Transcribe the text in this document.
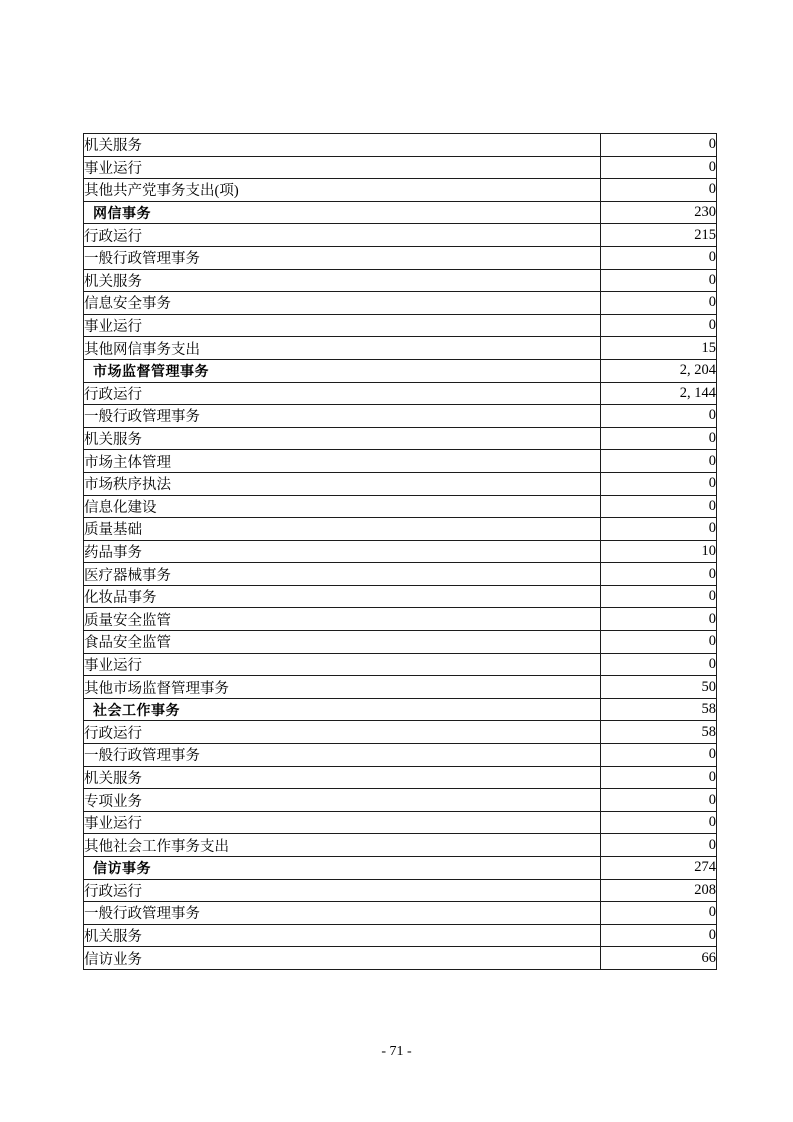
机关服务	0
事业运行	0
其他共产党事务支出(项)	0
网信事务	230
行政运行	215
一般行政管理事务	0
机关服务	0
信息安全事务	0
事业运行	0
其他网信事务支出	15
市场监督管理事务	2, 204
行政运行	2, 144
一般行政管理事务	0
机关服务	0
市场主体管理	0
市场秩序执法	0
信息化建设	0
质量基础	0
药品事务	10
医疗器械事务	0
化妆品事务	0
质量安全监管	0
食品安全监管	0
事业运行	0
其他市场监督管理事务	50
社会工作事务	58
行政运行	58
一般行政管理事务	0
机关服务	0
专项业务	0
事业运行	0
其他社会工作事务支出	0
信访事务	274
行政运行	208
一般行政管理事务	0
机关服务	0
信访业务	66
- 71 -
